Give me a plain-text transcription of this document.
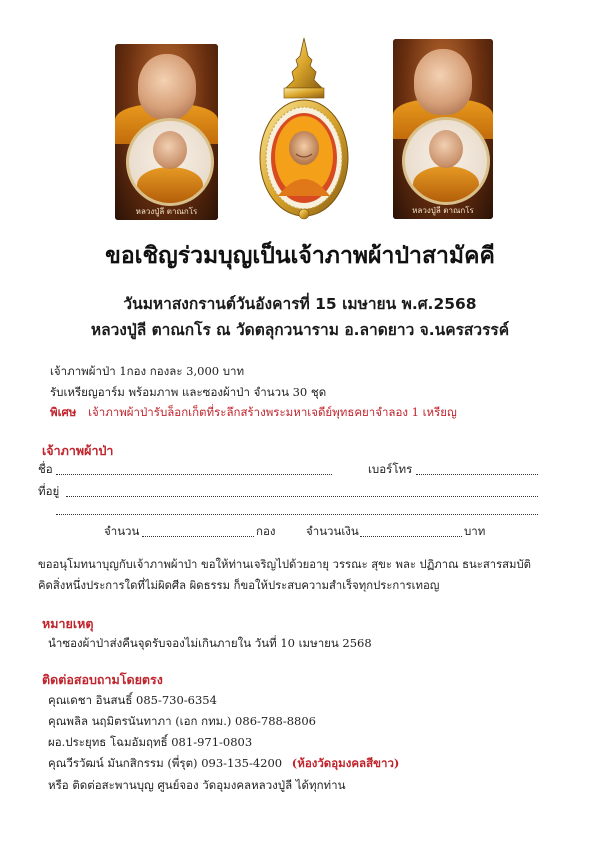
หลวงปู่ลี ตาณกโร	หลวงปู่ลี ตาณกโร
ขอเชิญร่วมบุญเป็นเจ้าภาพผ้าป่าสามัคคี
วันมหาสงกรานต์วันอังคารที่ 15 เมษายน พ.ศ.2568
หลวงปู่ลี ตาณกโร ณ วัดตลุกวนาราม อ.ลาดยาว จ.นครสวรรค์
เจ้าภาพผ้าป่า 1กอง กองละ 3,000 บาท
รับเหรียญอาร์ม พร้อมภาพ และซองผ้าป่า จำนวน 30 ชุด
พิเศษ เจ้าภาพผ้าป่ารับล็อกเก็ตที่ระลึกสร้างพระมหาเจดีย์พุทธคยาจำลอง 1 เหรียญ
เจ้าภาพผ้าป่า
ชื่อ	เบอร์โทร
ที่อยู่
จำนวน	กอง	จำนวนเงิน	บาท
ขออนุโมทนาบุญกับเจ้าภาพผ้าป่า ขอให้ท่านเจริญไปด้วยอายุ วรรณะ สุขะ พละ ปฏิภาณ ธนะสารสมบัติ
คิดสิ่งหนึ่งประการใดที่ไม่ผิดศีล ผิดธรรม ก็ขอให้ประสบความสำเร็จทุกประการเทอญ
หมายเหตุ
นำซองผ้าป่าส่งคืนจุดรับจองไม่เกินภายใน วันที่ 10 เมษายน 2568
ติดต่อสอบถามโดยตรง
คุณเดชา อินสนธิ์ 085-730-6354
คุณพลิล นฤมิตรนันทาภา (เอก กทม.) 086-788-8806
ผอ.ประยุทธ โฉมอัมฤทธิ์ 081-971-0803
คุณวีรวัฒน์ มันกสิกรรม (พี่รุต) 093-135-4200 (ห้องวัดอุมงคลสีขาว)
หรือ ติดต่อสะพานบุญ ศูนย์จอง วัดอุมงคลหลวงปู่ลี ได้ทุกท่าน
